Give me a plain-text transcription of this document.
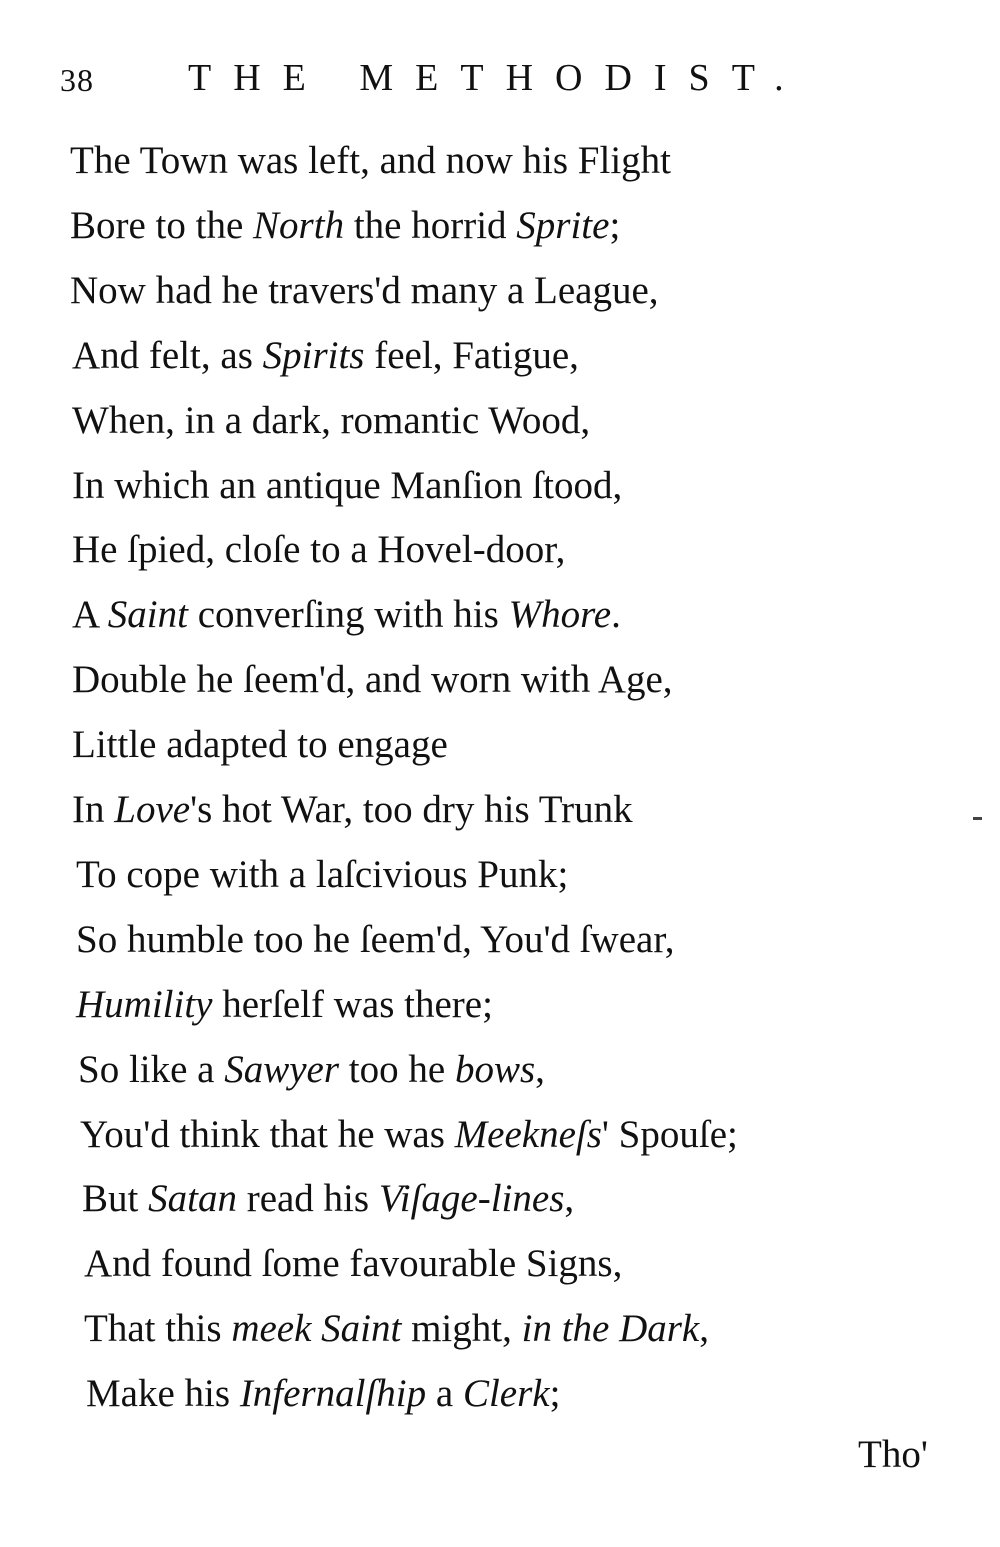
38 THE METHODIST.
The Town was left, and now his Flight
Bore to the North the horrid Sprite;
Now had he travers'd many a League,
And felt, as Spirits feel, Fatigue,
When, in a dark, romantic Wood,
In which an antique Manſion ſtood,
He ſpied, cloſe to a Hovel-door,
A Saint converſing with his Whore.
Double he ſeem'd, and worn with Age,
Little adapted to engage
In Love's hot War, too dry his Trunk
To cope with a laſcivious Punk;
So humble too he ſeem'd, You'd ſwear,
Humility herſelf was there;
So like a Sawyer too he bows,
You'd think that he was Meekneſs' Spouſe;
But Satan read his Viſage-lines,
And found ſome favourable Signs,
That this meek Saint might, in the Dark,
Make his Infernalſhip a Clerk;
Tho'
